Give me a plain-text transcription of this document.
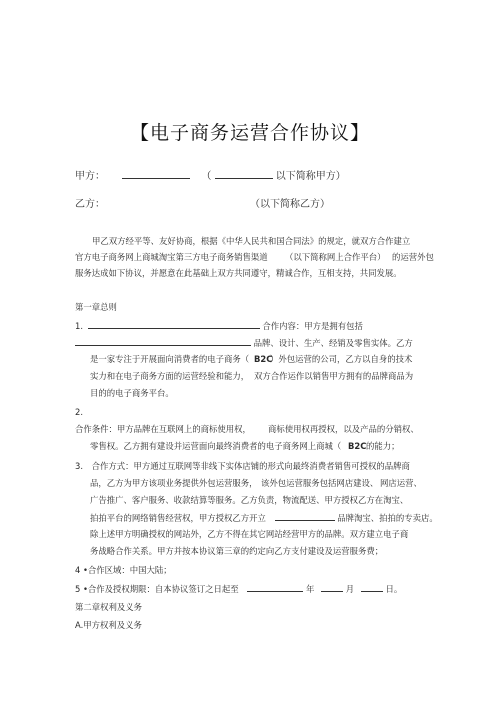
【电子商务运营合作协议】
甲方：	（	以下简称甲方）
乙方：	（以下简称乙方）
甲乙双方经平等、友好协商，根据《中华人民共和国合同法》的规定，就双方合作建立
官方电子商务网上商城淘宝第三方电子商务销售渠道 （以下简称网上合作平台） 的运营外包
服务达成如下协议，并愿意在此基础上双方共同遵守，精诚合作，互相支持，共同发展。
第一章总则
1.	合作内容：甲方是拥有包括
品牌、设计、生产、经销及零售实体。乙方
是一家专注于开展面向消费者的电子商务（ B2C
）外包运营的公司，乙方以自身的技术
实力和在电子商务方面的运营经验和能力， 双方合作运作以销售甲方拥有的品牌商品为
目的的电子商务平台。
2.
合作条件：甲方品牌在互联网上的商标使用权， 商标使用权再授权，以及产品的分销权、
零售权。乙方拥有建设并运营面向最终消费者的电子商务网上商城（ B2C 的能力；
3. 合作方式：甲方通过互联网等非线下实体店铺的形式向最终消费者销售可授权的品牌商
品，乙方为甲方该项业务提供外包运营服务， 该外包运营服务包括网店建设、 网店运营、
广告推广、客户服务、收款结算等服务。乙方负责，物流配送、甲方授权乙方在淘宝、
拍拍平台的网络销售经营权，甲方授权乙方开立	品牌淘宝、拍拍的专卖店。
除上述甲方明确授权的网站外，乙方不得在其它网站经营甲方的品牌。双方建立电子商
务战略合作关系。甲方并按本协议第三章的约定向乙方支付建设及运营服务费；
4 •合作区域：中国大陆；
5 •合作及授权期限：自本协议签订之日起至	年	月	日。
第二章权利及义务
A.甲方权利及义务
